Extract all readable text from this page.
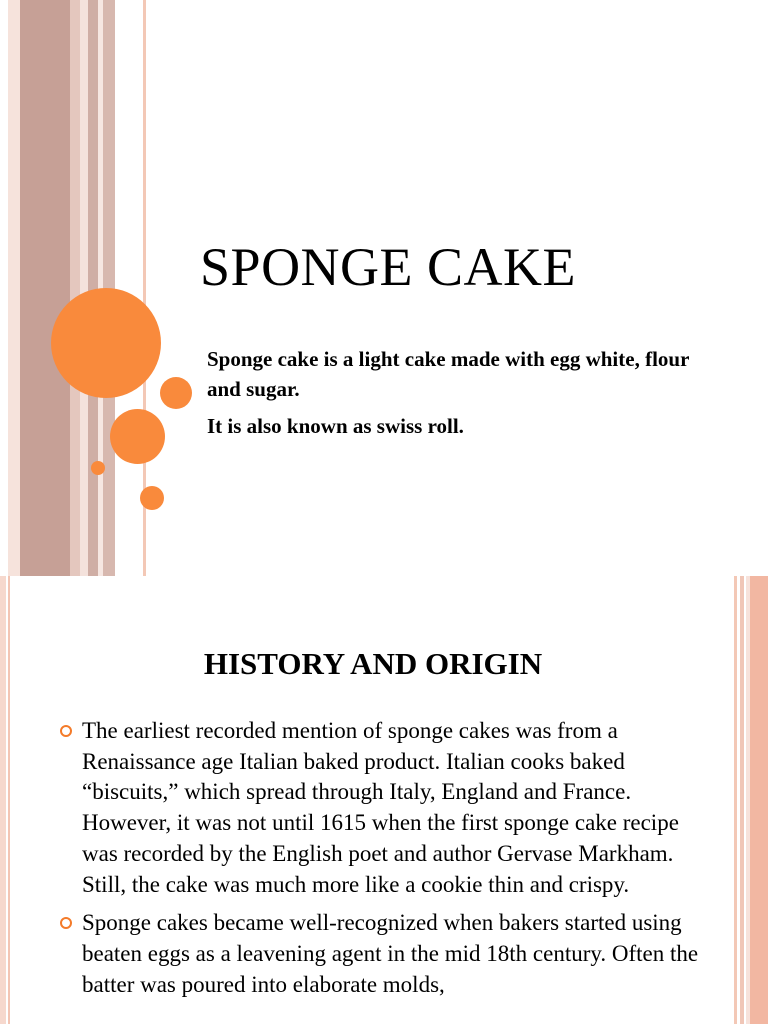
SPONGE CAKE
Sponge cake is a light cake made with egg white, flour and sugar.
It is also known as swiss roll.
HISTORY AND ORIGIN
The earliest recorded mention of sponge cakes was from a Renaissance age Italian baked product. Italian cooks baked “biscuits,” which spread through Italy, England and France. However, it was not until 1615 when the first sponge cake recipe was recorded by the English poet and author Gervase Markham. Still, the cake was much more like a cookie thin and crispy.
Sponge cakes became well-recognized when bakers started using beaten eggs as a leavening agent in the mid 18th century. Often the batter was poured into elaborate molds,
